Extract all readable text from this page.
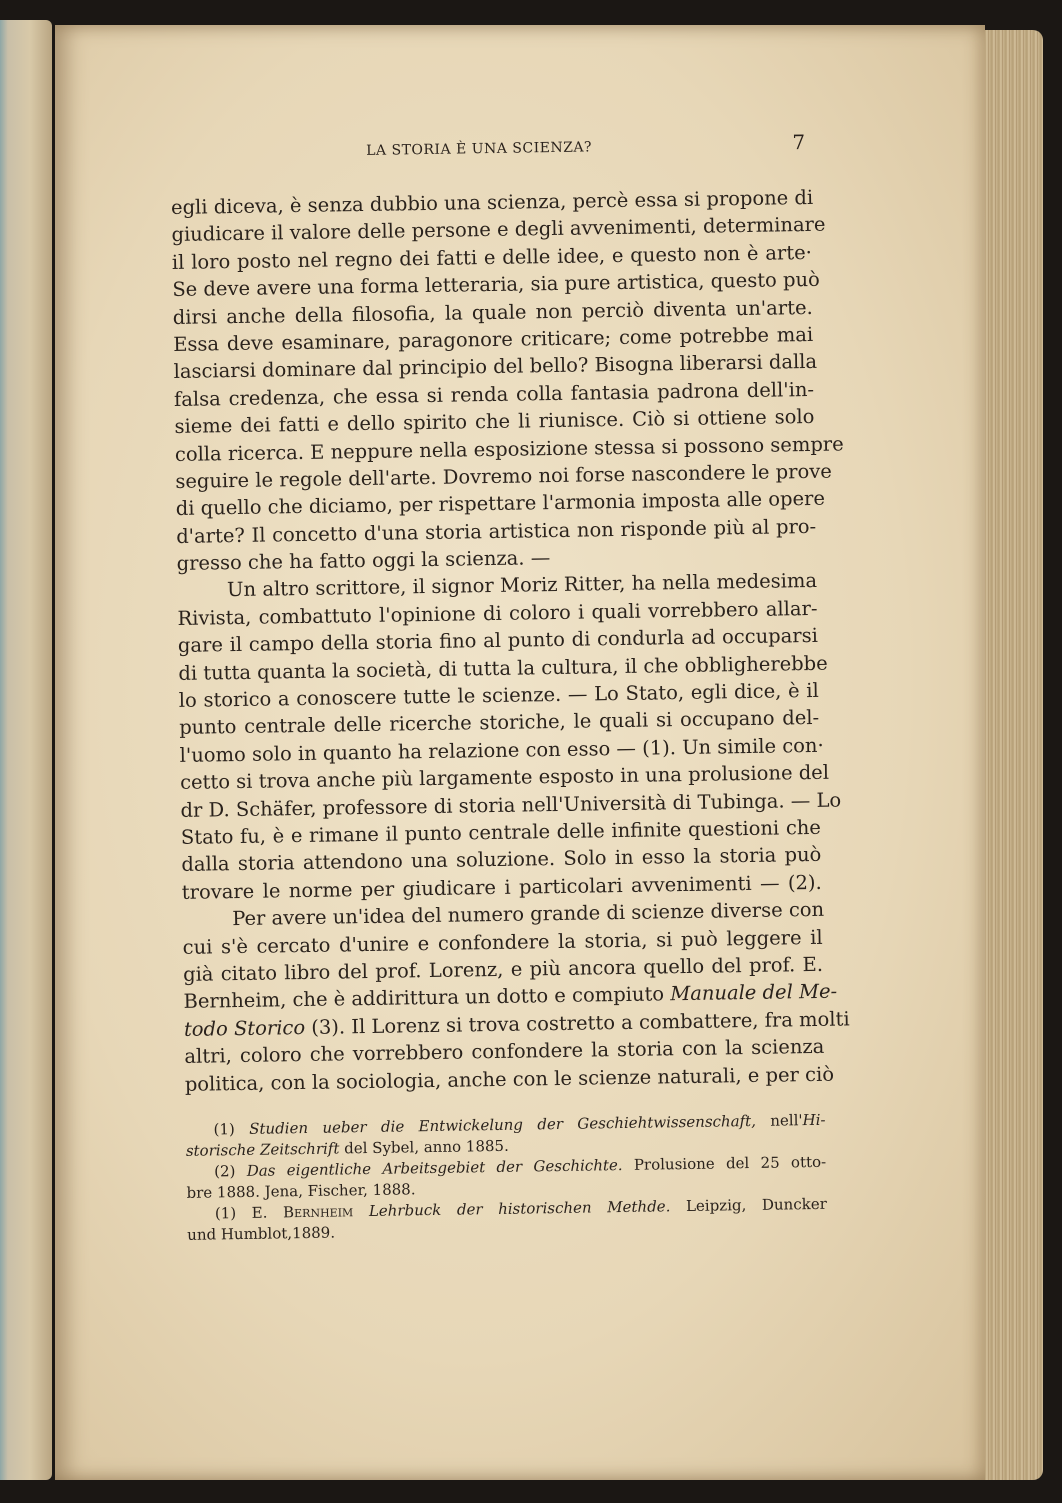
LA STORIA È UNA SCIENZA?	7
egli diceva, è senza dubbio una scienza, percè essa si propone di
giudicare il valore delle persone e degli avvenimenti, determinare
il loro posto nel regno dei fatti e delle idee, e questo non è arte·
Se deve avere una forma letteraria, sia pure artistica, questo può
dirsi anche della filosofia, la quale non perciò diventa un'arte.
Essa deve esaminare, paragonore criticare; come potrebbe mai
lasciarsi dominare dal principio del bello? Bisogna liberarsi dalla
falsa credenza, che essa si renda colla fantasia padrona dell'in-
sieme dei fatti e dello spirito che li riunisce. Ciò si ottiene solo
colla ricerca. E neppure nella esposizione stessa si possono sempre
seguire le regole dell'arte. Dovremo noi forse nascondere le prove
di quello che diciamo, per rispettare l'armonia imposta alle opere
d'arte? Il concetto d'una storia artistica non risponde più al pro-
gresso che ha fatto oggi la scienza. —
Un altro scrittore, il signor Moriz Ritter, ha nella medesima
Rivista, combattuto l'opinione di coloro i quali vorrebbero allar-
gare il campo della storia fino al punto di condurla ad occuparsi
di tutta quanta la società, di tutta la cultura, il che obbligherebbe
lo storico a conoscere tutte le scienze. — Lo Stato, egli dice, è il
punto centrale delle ricerche storiche, le quali si occupano del-
l'uomo solo in quanto ha relazione con esso — (1). Un simile con·
cetto si trova anche più largamente esposto in una prolusione del
dr D. Schäfer, professore di storia nell'Università di Tubinga. — Lo
Stato fu, è e rimane il punto centrale delle infinite questioni che
dalla storia attendono una soluzione. Solo in esso la storia può
trovare le norme per giudicare i particolari avvenimenti — (2).
Per avere un'idea del numero grande di scienze diverse con
cui s'è cercato d'unire e confondere la storia, si può leggere il
già citato libro del prof. Lorenz, e più ancora quello del prof. E.
Bernheim, che è addirittura un dotto e compiuto Manuale del Me-
todo Storico (3). Il Lorenz si trova costretto a combattere, fra molti
altri, coloro che vorrebbero confondere la storia con la scienza
politica, con la sociologia, anche con le scienze naturali, e per ciò
(1) Studien ueber die Entwickelung der Geschiehtwissenschaft, nell'Hi-
storische Zeitschrift del Sybel, anno 1885.
(2) Das eigentliche Arbeitsgebiet der Geschichte. Prolusione del 25 otto-
bre 1888. Jena, Fischer, 1888.
(1) E. Bernheim Lehrbuck der historischen Methde. Leipzig, Duncker
und Humblot,1889.
